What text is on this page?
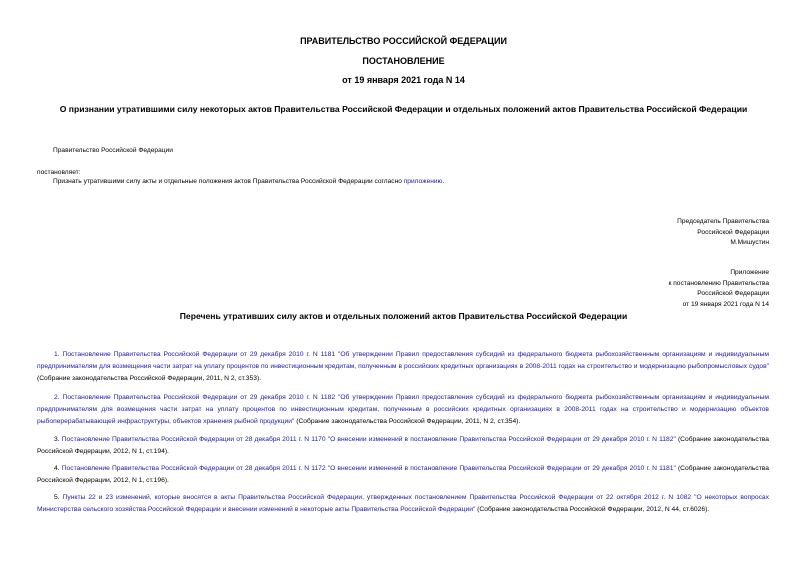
ПРАВИТЕЛЬСТВО РОССИЙСКОЙ ФЕДЕРАЦИИ
ПОСТАНОВЛЕНИЕ
от 19 января 2021 года N 14
О признании утратившими силу некоторых актов Правительства Российской Федерации и отдельных положений актов Правительства Российской Федерации
Правительство Российской Федерации
постановляет:
Признать утратившими силу акты и отдельные положения актов Правительства Российской Федерации согласно приложению.
Председатель Правительства
Российской Федерации
М.Мишустин
Приложение
к постановлению Правительства
Российской Федерации
от 19 января 2021 года N 14
Перечень утративших силу актов и отдельных положений актов Правительства Российской Федерации
1. Постановление Правительства Российской Федерации от 29 декабря 2010 г. N 1181 "Об утверждении Правил предоставления субсидий из федерального бюджета рыбохозяйственным организациям и индивидуальным предпринимателям для возмещения части затрат на уплату процентов по инвестиционным кредитам, полученным в российских кредитных организациях в 2008-2011 годах на строительство и модернизацию рыбопромысловых судов" (Собрание законодательства Российской Федерации, 2011, N 2, ст.353).
2. Постановление Правительства Российской Федерации от 29 декабря 2010 г. N 1182 "Об утверждении Правил предоставления субсидий из федерального бюджета рыбохозяйственным организациям и индивидуальным предпринимателям для возмещения части затрат на уплату процентов по инвестиционным кредитам, полученным в российских кредитных организациях в 2008-2011 годах на строительство и модернизацию объектов рыбоперерабатывающей инфраструктуры, объектов хранения рыбной продукции" (Собрание законодательства Российской Федерации, 2011, N 2, ст.354).
3. Постановление Правительства Российской Федерации от 28 декабря 2011 г. N 1170 "О внесении изменений в постановление Правительства Российской Федерации от 29 декабря 2010 г. N 1182" (Собрание законодательства Российской Федерации, 2012, N 1, ст.194).
4. Постановление Правительства Российской Федерации от 28 декабря 2011 г. N 1172 "О внесении изменений в постановление Правительства Российской Федерации от 29 декабря 2010 г. N 1181" (Собрание законодательства Российской Федерации, 2012, N 1, ст.196).
5. Пункты 22 и 23 изменений, которые вносятся в акты Правительства Российской Федерации, утвержденных постановлением Правительства Российской Федерации от 22 октября 2012 г. N 1082 "О некоторых вопросах Министерства сельского хозяйства Российской Федерации и внесении изменений в некоторые акты Правительства Российской Федерации" (Собрание законодательства Российской Федерации, 2012, N 44, ст.6026).
